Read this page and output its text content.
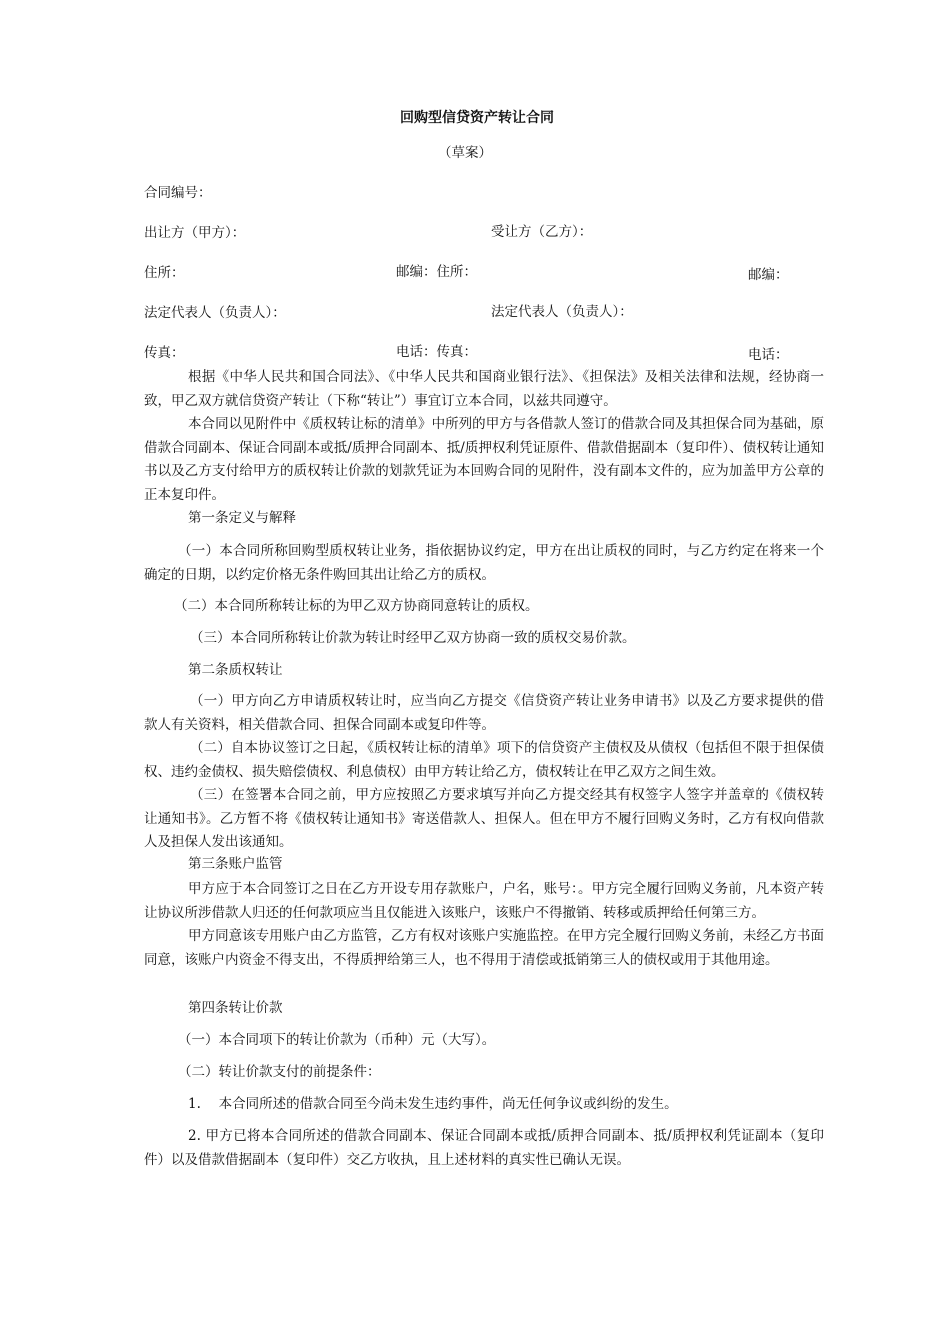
回购型信贷资产转让合同
（草案）
合同编号：
出让方（甲方）：	受让方（乙方）：
住所：	邮编：住所：	邮编：
法定代表人（负责人）：	法定代表人（负责人）：
传真：	电话：传真：	电话：
根据《中华人民共和国合同法》、《中华人民共和国商业银行法》、《担保法》及相关法律和法规，经协商一致，甲乙双方就信贷资产转让（下称“转让”）事宜订立本合同，以兹共同遵守。
本合同以见附件中《质权转让标的清单》中所列的甲方与各借款人签订的借款合同及其担保合同为基础，原借款合同副本、保证合同副本或抵/质押合同副本、抵/质押权利凭证原件、借款借据副本（复印件）、债权转让通知书以及乙方支付给甲方的质权转让价款的划款凭证为本回购合同的见附件，没有副本文件的，应为加盖甲方公章的正本复印件。
第一条定义与解释
（一）本合同所称回购型质权转让业务，指依据协议约定，甲方在出让质权的同时，与乙方约定在将来一个确定的日期，以约定价格无条件购回其出让给乙方的质权。
（二）本合同所称转让标的为甲乙双方协商同意转让的质权。
（三）本合同所称转让价款为转让时经甲乙双方协商一致的质权交易价款。
第二条质权转让
（一）甲方向乙方申请质权转让时，应当向乙方提交《信贷资产转让业务申请书》以及乙方要求提供的借款人有关资料，相关借款合同、担保合同副本或复印件等。
（二）自本协议签订之日起，《质权转让标的清单》项下的信贷资产主债权及从债权（包括但不限于担保债权、违约金债权、损失赔偿债权、利息债权）由甲方转让给乙方，债权转让在甲乙双方之间生效。
（三）在签署本合同之前，甲方应按照乙方要求填写并向乙方提交经其有权签字人签字并盖章的《债权转让通知书》。乙方暂不将《债权转让通知书》寄送借款人、担保人。但在甲方不履行回购义务时，乙方有权向借款人及担保人发出该通知。
第三条账户监管
甲方应于本合同签订之日在乙方开设专用存款账户，户名，账号：。甲方完全履行回购义务前，凡本资产转让协议所涉借款人归还的任何款项应当且仅能进入该账户，该账户不得撤销、转移或质押给任何第三方。
甲方同意该专用账户由乙方监管，乙方有权对该账户实施监控。在甲方完全履行回购义务前，未经乙方书面同意，该账户内资金不得支出，不得质押给第三人，也不得用于清偿或抵销第三人的债权或用于其他用途。
第四条转让价款
（一）本合同项下的转让价款为（币种）元（大写）。
（二）转让价款支付的前提条件：
1.　 本合同所述的借款合同至今尚未发生违约事件，尚无任何争议或纠纷的发生。
2. 甲方已将本合同所述的借款合同副本、保证合同副本或抵/质押合同副本、抵/质押权利凭证副本（复印件）以及借款借据副本（复印件）交乙方收执，且上述材料的真实性已确认无误。
